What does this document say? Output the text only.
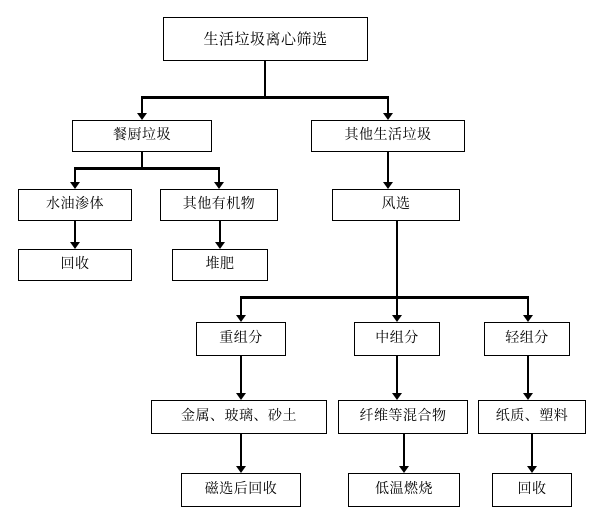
生活垃圾离心筛选
餐厨垃圾	其他生活垃圾
水油渗体	其他有机物	风选
回收	堆肥
重组分	中组分	轻组分
金属、玻璃、砂土	纤维等混合物	纸质、塑料
磁选后回收	低温燃烧	回收
